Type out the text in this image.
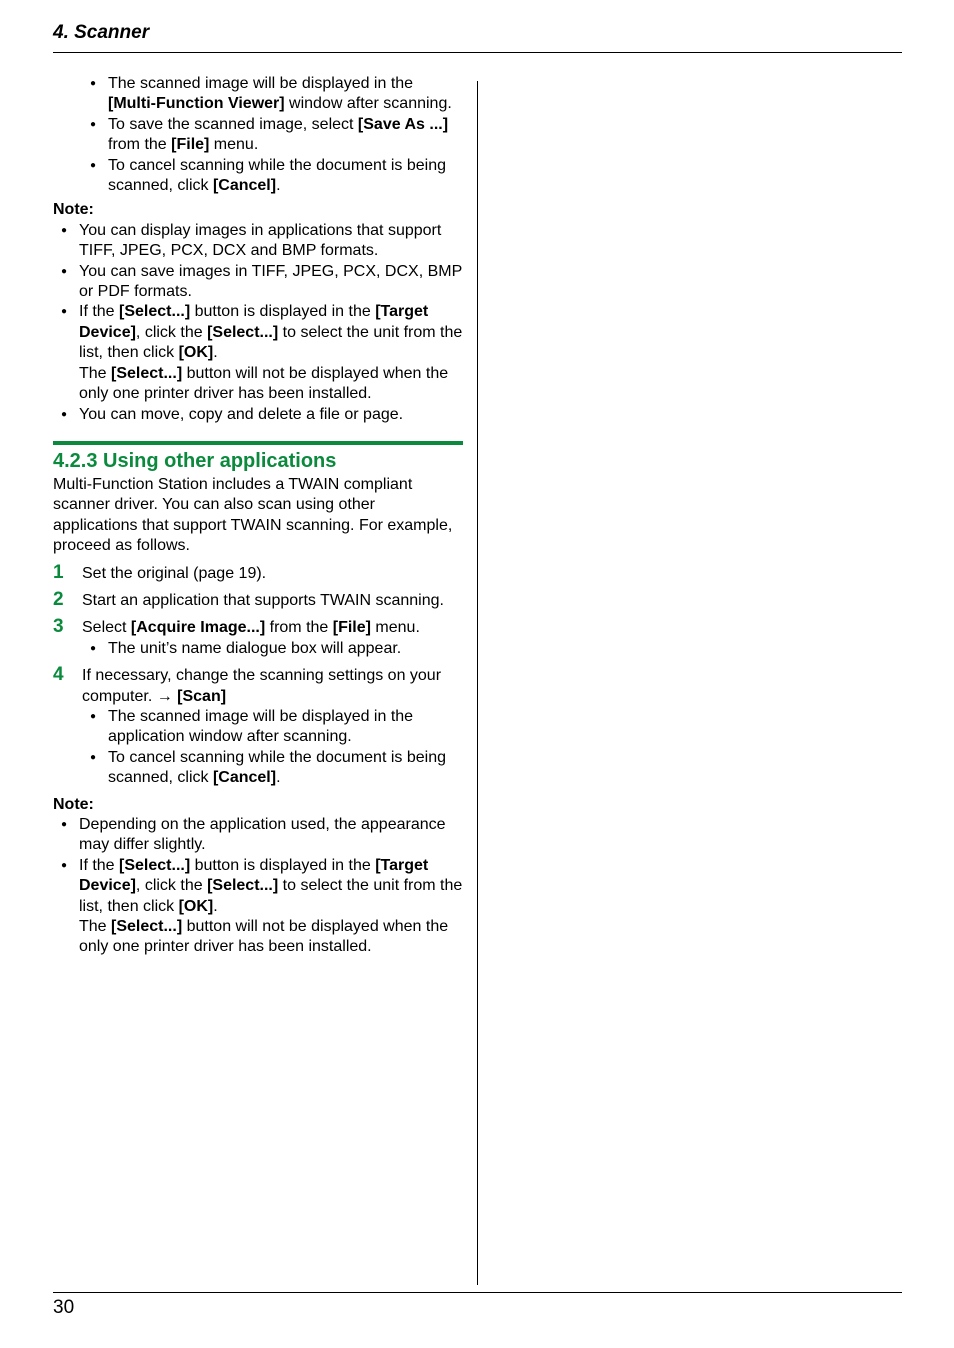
4. Scanner

● The scanned image will be displayed in the [Multi-Function Viewer] window after scanning.

● To save the scanned image, select [Save As ...] from the [File] menu.

● To cancel scanning while the document is being scanned, click [Cancel].

Note:

● You can display images in applications that support TIFF, JPEG, PCX, DCX and BMP formats.

● You can save images in TIFF, JPEG, PCX, DCX, BMP or PDF formats.

● If the [Select...] button is displayed in the [Target Device], click the [Select...] to select the unit from the list, then click [OK].
The [Select...] button will not be displayed when the only one printer driver has been installed.

● You can move, copy and delete a file or page.

4.2.3 Using other applications

Multi-Function Station includes a TWAIN compliant scanner driver. You can also scan using other applications that support TWAIN scanning. For example, proceed as follows.

1 Set the original (page 19).
2 Start an application that supports TWAIN scanning.
3 Select [Acquire Image...] from the [File] menu.

● The unit’s name dialogue box will appear.

4 If necessary, change the scanning settings on your computer. → [Scan]

● The scanned image will be displayed in the application window after scanning.

● To cancel scanning while the document is being scanned, click [Cancel].

Note:

● Depending on the application used, the appearance may differ slightly.

● If the [Select...] button is displayed in the [Target Device], click the [Select...] to select the unit from the list, then click [OK].
The [Select...] button will not be displayed when the only one printer driver has been installed.

30
